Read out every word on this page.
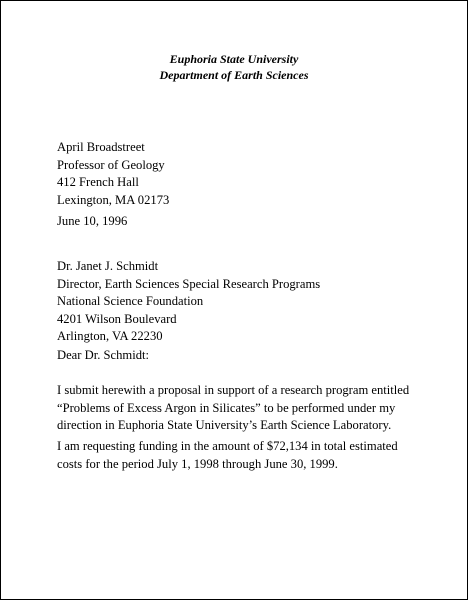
Euphoria State University
Department of Earth Sciences
April Broadstreet
Professor of Geology
412 French Hall
Lexington, MA 02173
June 10, 1996
Dr. Janet J. Schmidt
Director, Earth Sciences Special Research Programs
National Science Foundation
4201 Wilson Boulevard
Arlington, VA 22230
Dear Dr. Schmidt:
I submit herewith a proposal in support of a research program entitled
“Problems of Excess Argon in Silicates” to be performed under my
direction in Euphoria State University’s Earth Science Laboratory.
I am requesting funding in the amount of $72,134 in total estimated
costs for the period July 1, 1998 through June 30, 1999.
